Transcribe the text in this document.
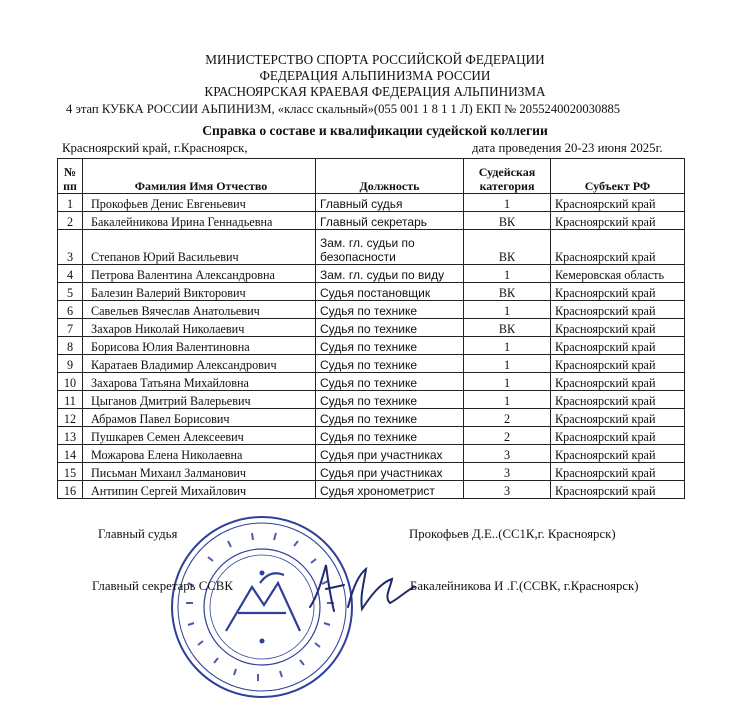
МИНИСТЕРСТВО СПОРТА РОССИЙСКОЙ ФЕДЕРАЦИИ
ФЕДЕРАЦИЯ АЛЬПИНИЗМА РОССИИ
КРАСНОЯРСКАЯ КРАЕВАЯ ФЕДЕРАЦИЯ АЛЬПИНИЗМА
4 этап КУБКА РОССИИ АЬПИНИЗМ, «класс скальный»(055 001 1 8 1 1 Л) ЕКП № 2055240020030885
Справка о составе и квалификации судейской коллегии
Красноярский край, г.Красноярск,	дата проведения 20-23 июня 2025г.
№ пп	Фамилия Имя Отчество	Должность	Судейская категория	Субъект РФ
1	Прокофьев Денис Евгеньевич	Главный судья	1	Красноярский край
2	Бакалейникова Ирина Геннадьевна	Главный секретарь	ВК	Красноярский край
3	Степанов Юрий Васильевич	Зам. гл. судьи по безопасности	ВК	Красноярский край
4	Петрова Валентина Александровна	Зам. гл. судьи по виду	1	Кемеровская область
5	Балезин Валерий Викторович	Судья постановщик	ВК	Красноярский край
6	Савельев Вячеслав Анатольевич	Судья по технике	1	Красноярский край
7	Захаров Николай Николаевич	Судья по технике	ВК	Красноярский край
8	Борисова Юлия Валентиновна	Судья по технике	1	Красноярский край
9	Каратаев Владимир Александрович	Судья по технике	1	Красноярский край
10	Захарова Татьяна Михайловна	Судья по технике	1	Красноярский край
11	Цыганов Дмитрий Валерьевич	Судья по технике	1	Красноярский край
12	Абрамов Павел Борисович	Судья по технике	2	Красноярский край
13	Пушкарев Семен Алексеевич	Судья по технике	2	Красноярский край
14	Можарова Елена Николаевна	Судья при участниках	3	Красноярский край
15	Письман Михаил Залманович	Судья при участниках	3	Красноярский край
16	Антипин Сергей Михайлович	Судья хронометрист	3	Красноярский край
Главный судья	Прокофьев Д.Е..(СС1К,г. Красноярск)
Главный секретарь ССВК	Бакалейникова И .Г.(ССВК, г.Красноярск)
